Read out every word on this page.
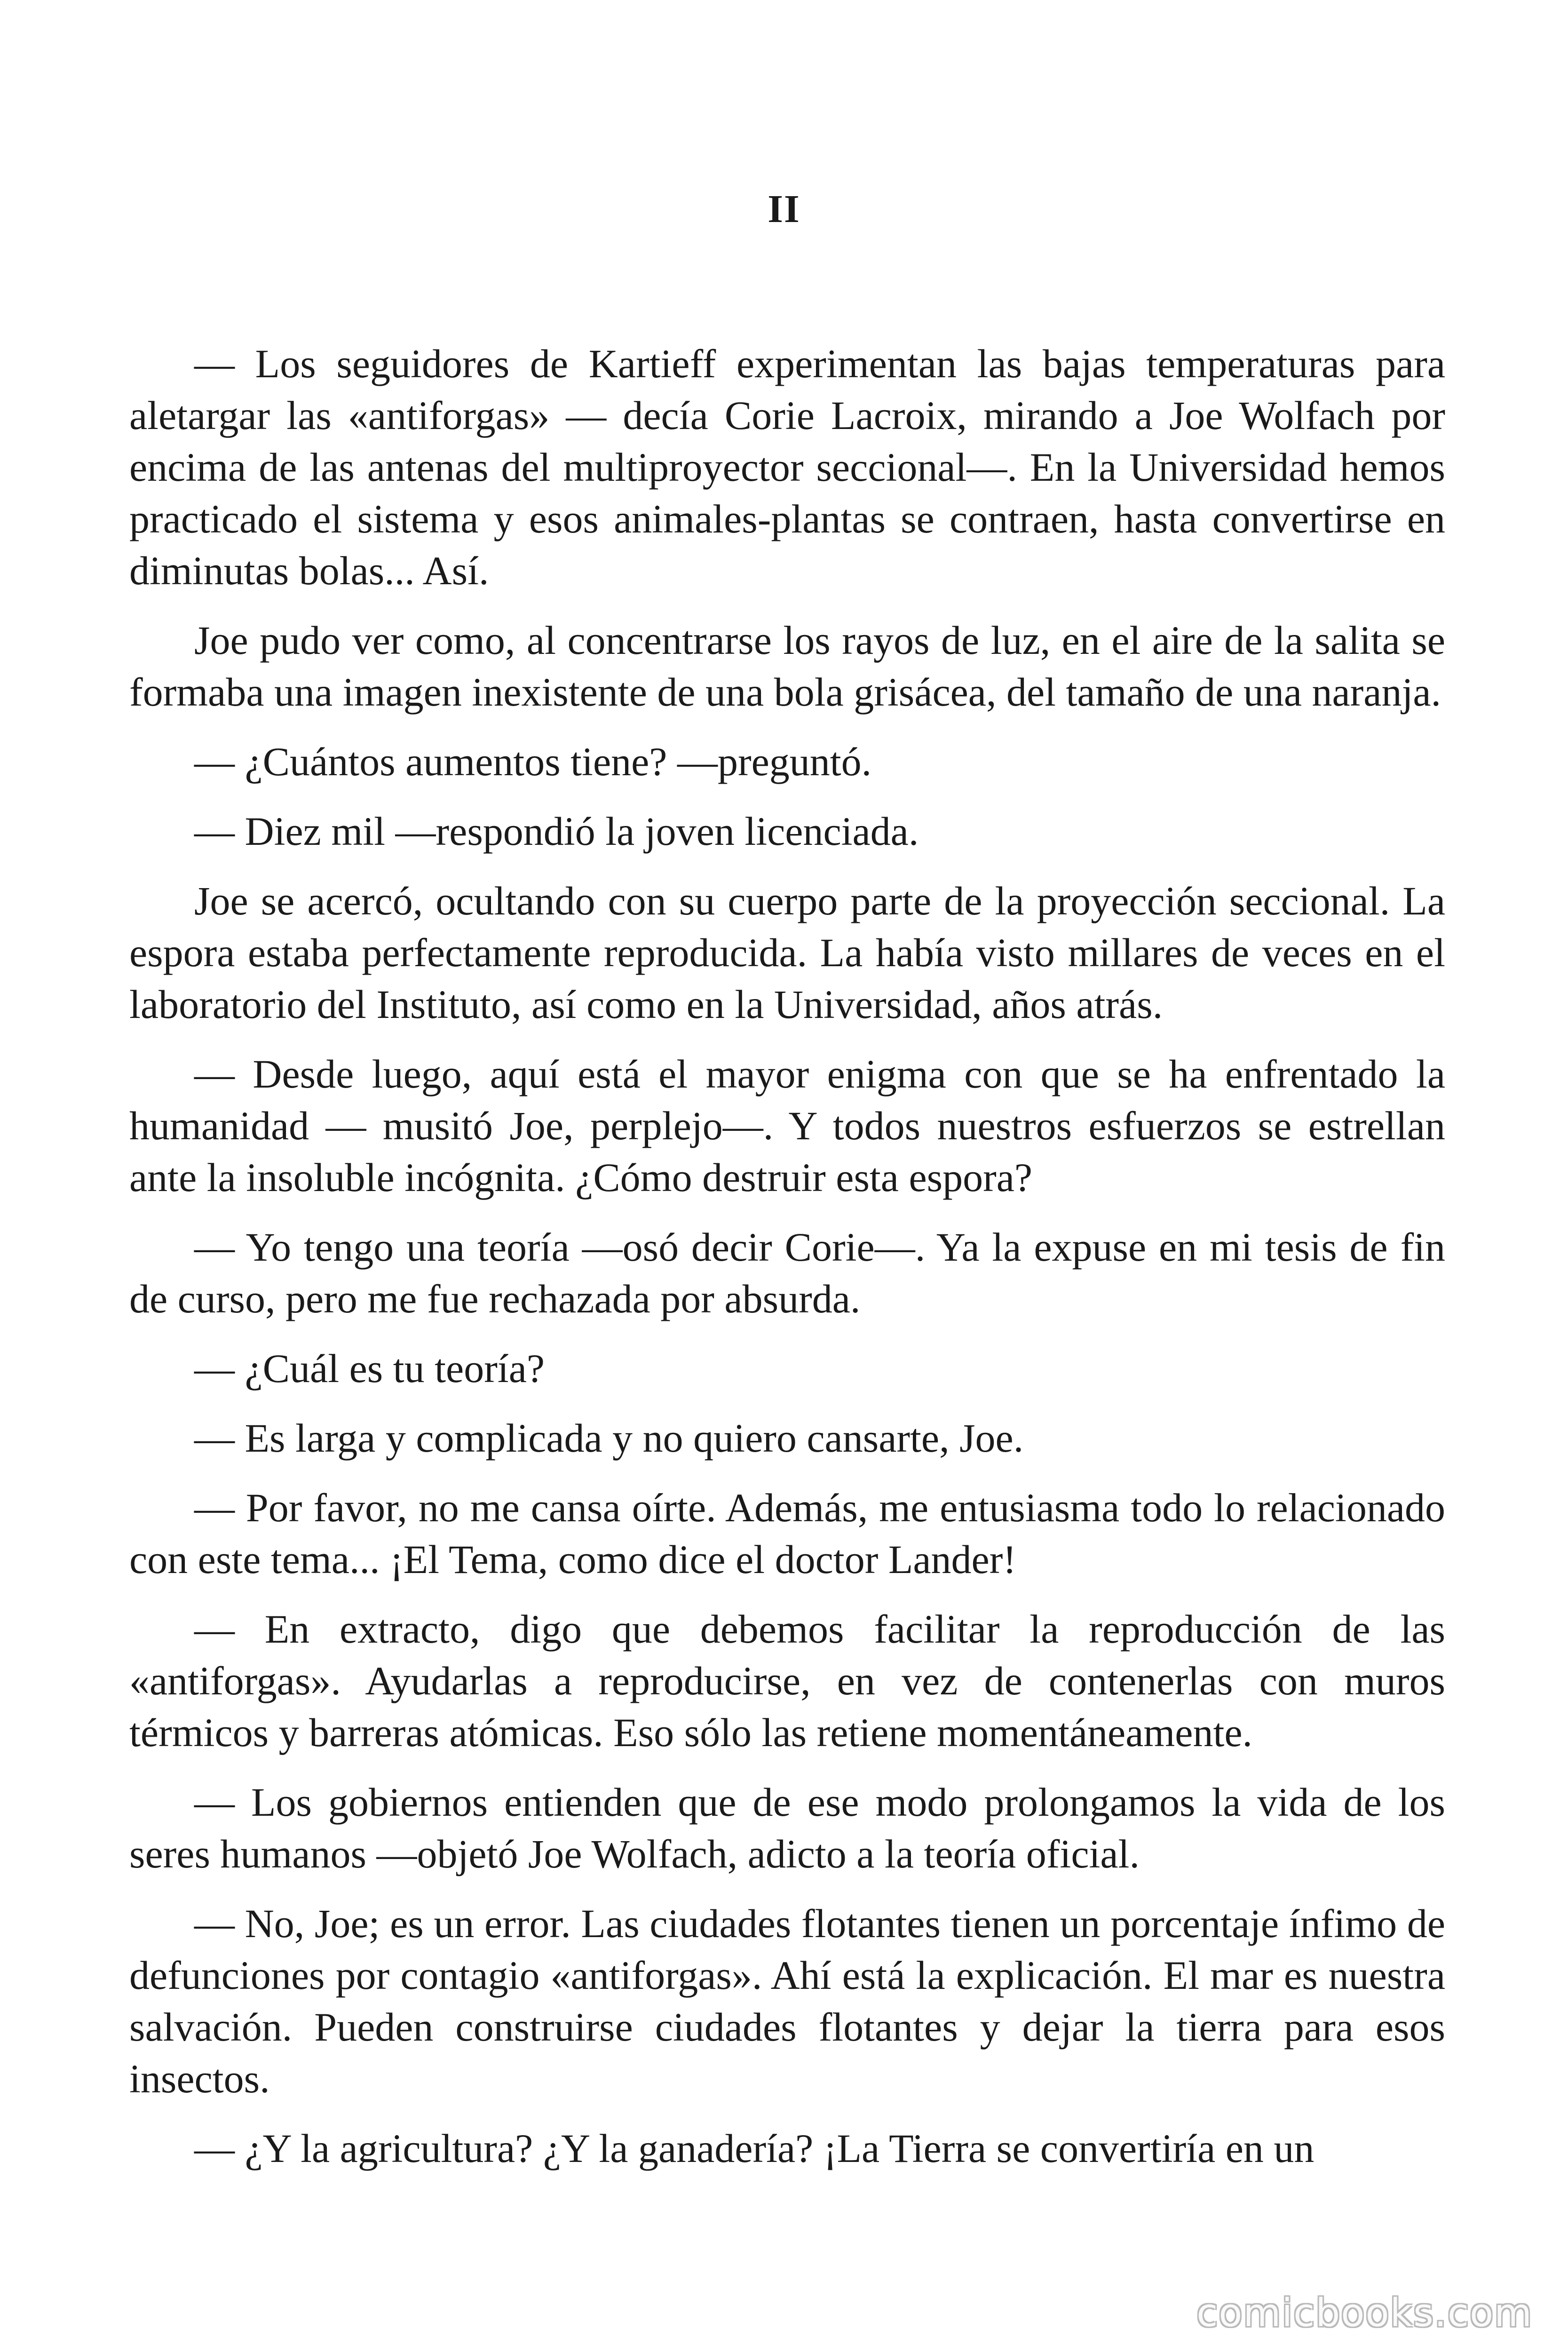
II

— Los seguidores de Kartieff experimentan las bajas temperaturas para aletargar las «antiforgas» — decía Corie Lacroix, mirando a Joe Wolfach por encima de las antenas del multiproyector seccional—. En la Universidad hemos practicado el sistema y esos animales-plantas se contraen, hasta convertirse en diminutas bolas... Así.

Joe pudo ver como, al concentrarse los rayos de luz, en el aire de la salita se formaba una imagen inexistente de una bola grisácea, del tamaño de una naranja.

— ¿Cuántos aumentos tiene? —preguntó.

— Diez mil —respondió la joven licenciada.

Joe se acercó, ocultando con su cuerpo parte de la proyección seccional. La espora estaba perfectamente reproducida. La había visto millares de veces en el laboratorio del Instituto, así como en la Universidad, años atrás.

— Desde luego, aquí está el mayor enigma con que se ha enfrentado la humanidad — musitó Joe, perplejo—. Y todos nuestros esfuerzos se estrellan ante la insoluble incógnita. ¿Cómo destruir esta espora?

— Yo tengo una teoría —osó decir Corie—. Ya la expuse en mi tesis de fin de curso, pero me fue rechazada por absurda.

— ¿Cuál es tu teoría?

— Es larga y complicada y no quiero cansarte, Joe.

— Por favor, no me cansa oírte. Además, me entusiasma todo lo relacionado con este tema... ¡El Tema, como dice el doctor Lander!

— En extracto, digo que debemos facilitar la reproducción de las «antiforgas». Ayudarlas a reproducirse, en vez de contenerlas con muros térmicos y barreras atómicas. Eso sólo las retiene momentáneamente.

— Los gobiernos entienden que de ese modo prolongamos la vida de los seres humanos —objetó Joe Wolfach, adicto a la teoría oficial.

— No, Joe; es un error. Las ciudades flotantes tienen un porcentaje ínfimo de defunciones por contagio «antiforgas». Ahí está la explicación. El mar es nuestra salvación. Pueden construirse ciudades flotantes y dejar la tierra para esos insectos.

— ¿Y la agricultura? ¿Y la ganadería? ¡La Tierra se convertiría en un

comicbooks.com
